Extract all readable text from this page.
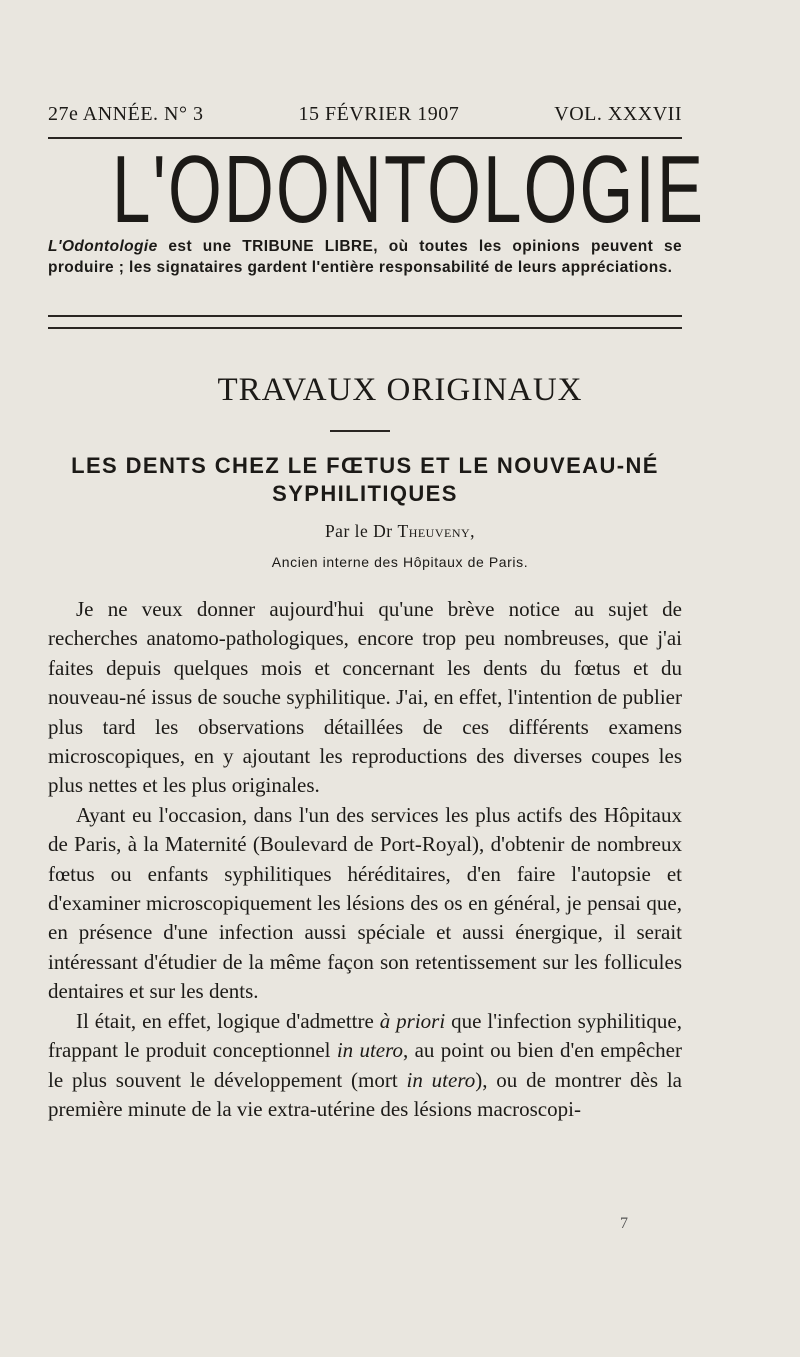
27e ANNÉE. N° 3	15 FÉVRIER 1907	VOL. XXXVII
L'ODONTOLOGIE
L'Odontologie est une TRIBUNE LIBRE, où toutes les opinions peuvent se produire ; les signataires gardent l'entière responsabilité de leurs appréciations.
TRAVAUX ORIGINAUX
LES DENTS CHEZ LE FŒTUS ET LE NOUVEAU-NÉ SYPHILITIQUES
Par le Dr Theuveny,
Ancien interne des Hôpitaux de Paris.

Je ne veux donner aujourd'hui qu'une brève notice au sujet de recherches anatomo-pathologiques, encore trop peu nombreuses, que j'ai faites depuis quelques mois et concernant les dents du fœtus et du nouveau-né issus de souche syphilitique. J'ai, en effet, l'intention de publier plus tard les observations détaillées de ces différents examens microscopiques, en y ajoutant les reproductions des diverses coupes les plus nettes et les plus originales.

Ayant eu l'occasion, dans l'un des services les plus actifs des Hôpitaux de Paris, à la Maternité (Boulevard de Port-Royal), d'obtenir de nombreux fœtus ou enfants syphilitiques héréditaires, d'en faire l'autopsie et d'examiner microscopiquement les lésions des os en général, je pensai que, en présence d'une infection aussi spéciale et aussi énergique, il serait intéressant d'étudier de la même façon son retentissement sur les follicules dentaires et sur les dents.

Il était, en effet, logique d'admettre à priori que l'infection syphilitique, frappant le produit conceptionnel in utero, au point ou bien d'en empêcher le plus souvent le développement (mort in utero), ou de montrer dès la première minute de la vie extra-utérine des lésions macroscopi-

7
